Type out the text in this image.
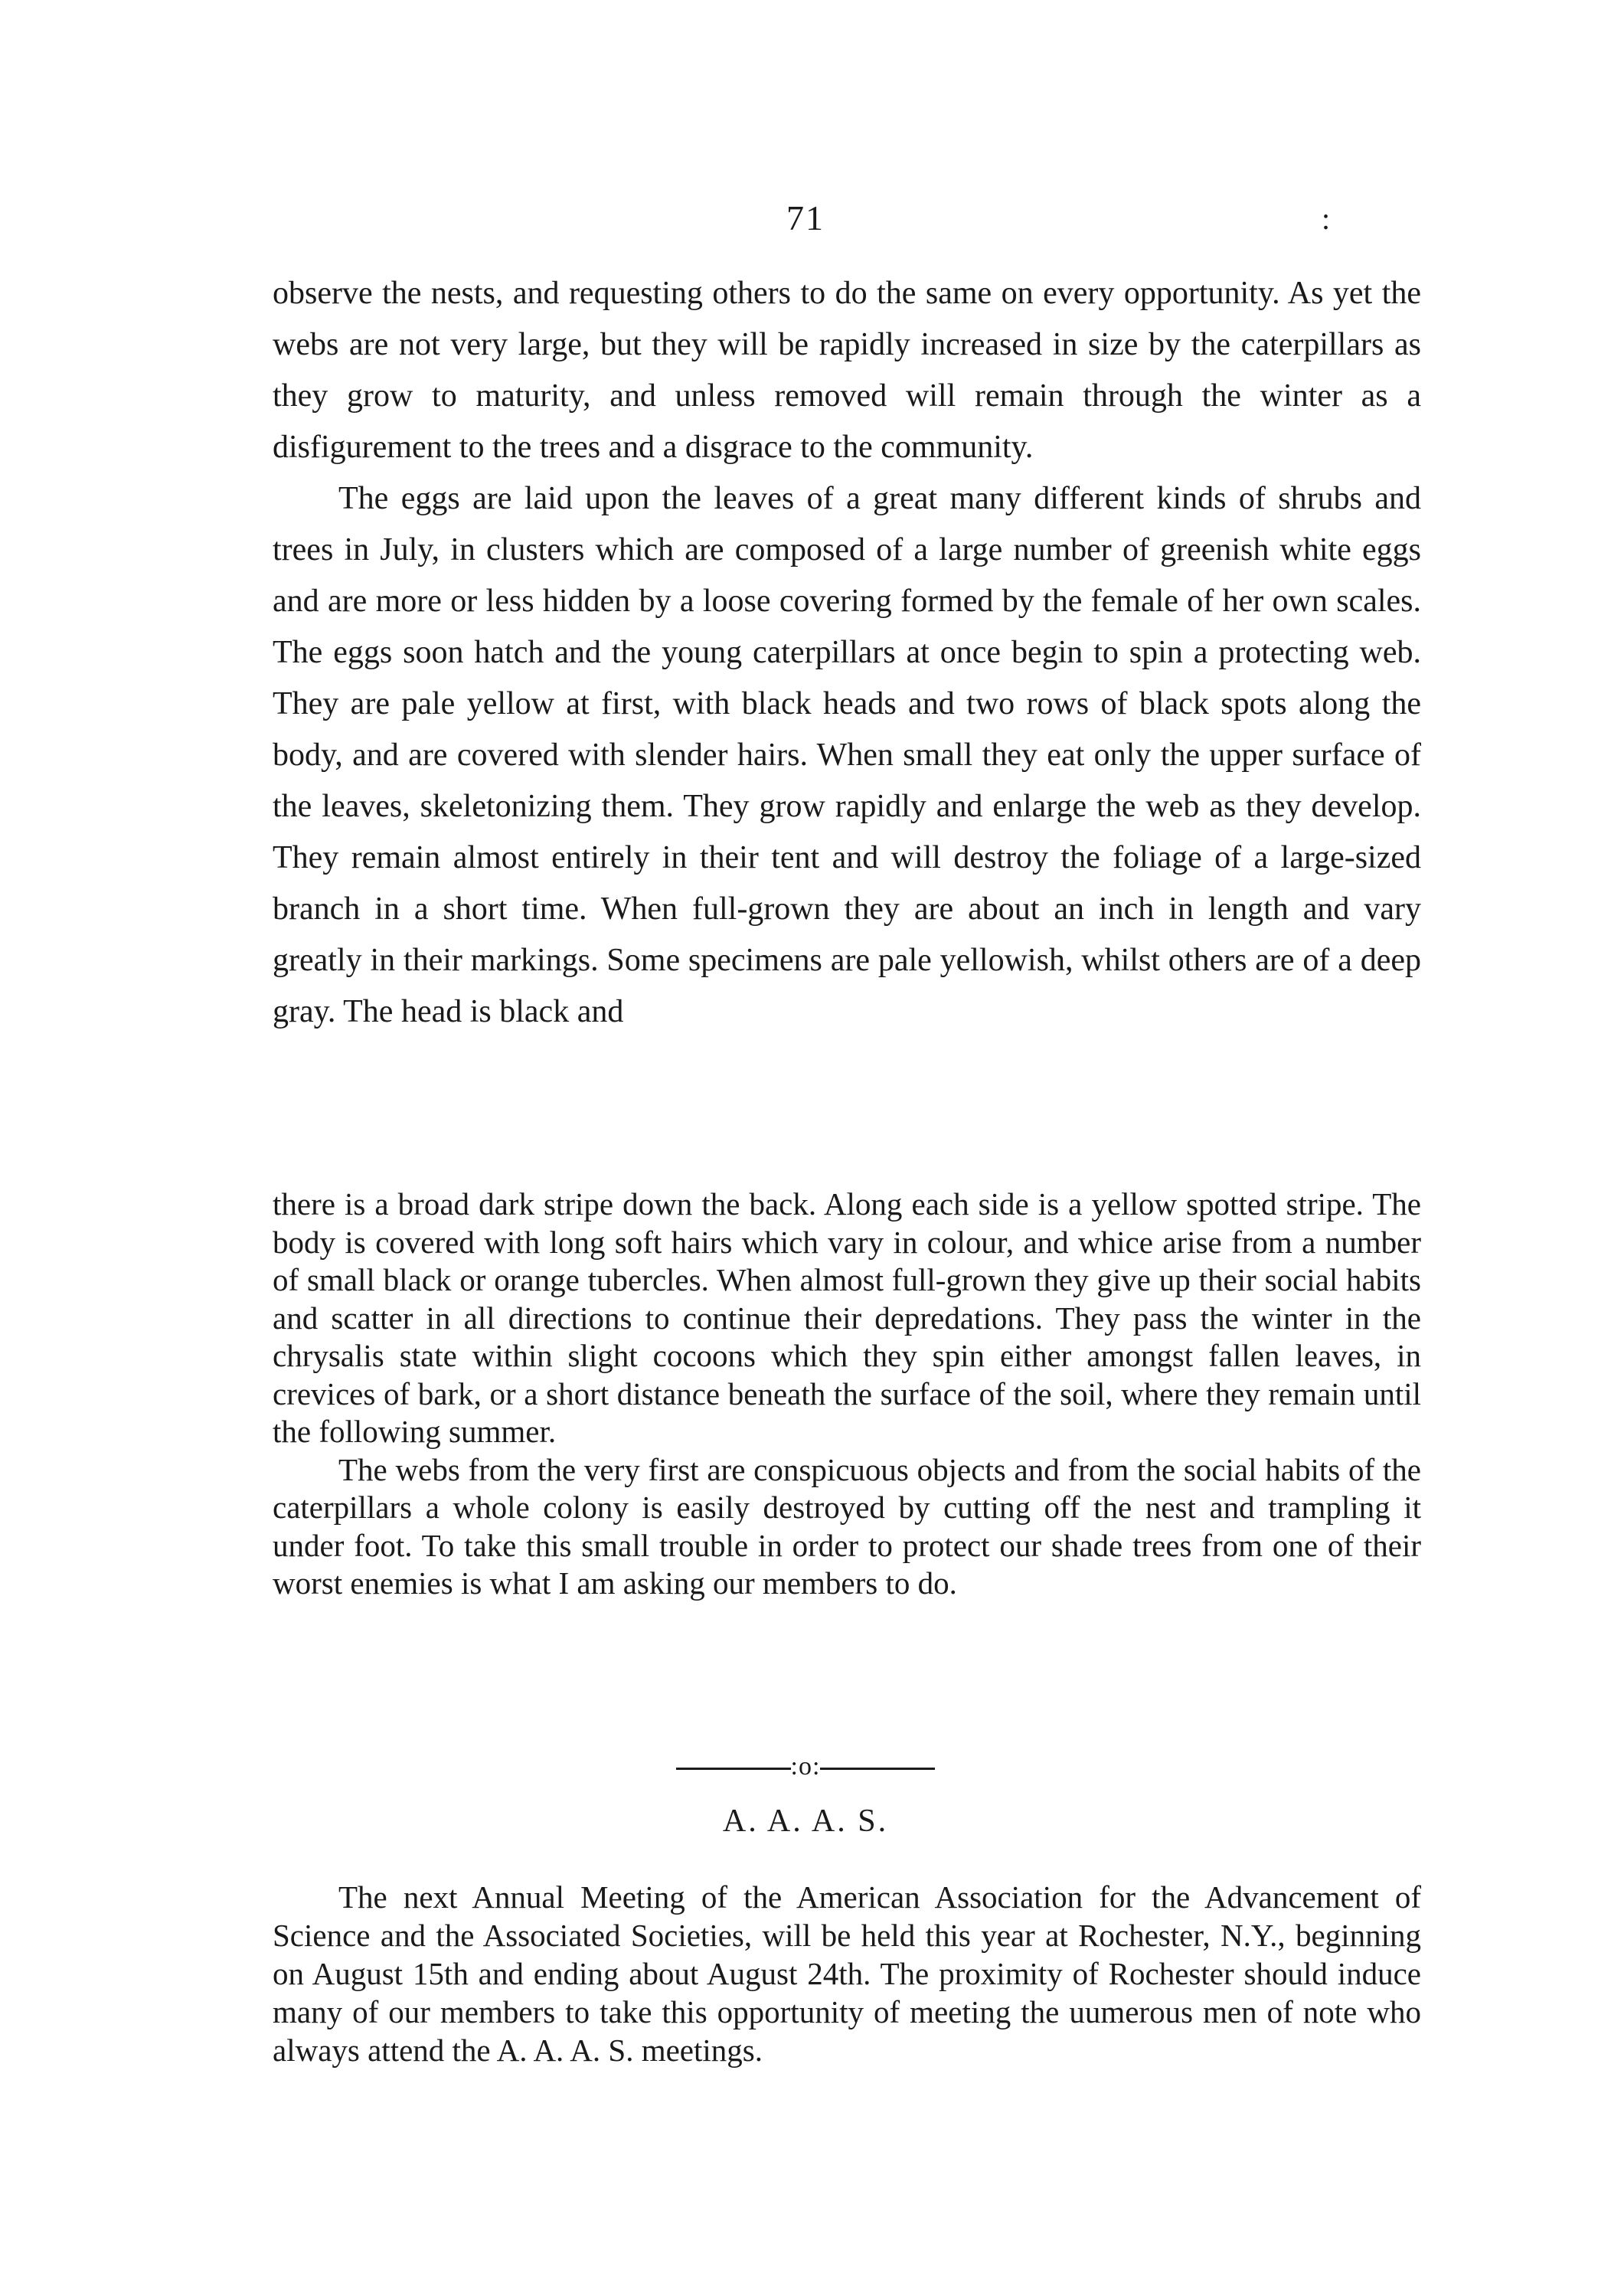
71	:

observe the nests, and requesting others to do the same on every opportunity. As yet the webs are not very large, but they will be rapidly increased in size by the caterpillars as they grow to maturity, and unless removed will remain through the winter as a disfigurement to the trees and a disgrace to the community.

The eggs are laid upon the leaves of a great many different kinds of shrubs and trees in July, in clusters which are composed of a large number of greenish white eggs and are more or less hidden by a loose covering formed by the female of her own scales. The eggs soon hatch and the young caterpillars at once begin to spin a protecting web. They are pale yellow at first, with black heads and two rows of black spots along the body, and are covered with slender hairs. When small they eat only the upper surface of the leaves, skeletonizing them. They grow rapidly and enlarge the web as they develop. They remain almost entirely in their tent and will destroy the foliage of a large-sized branch in a short time. When full-grown they are about an inch in length and vary greatly in their markings. Some specimens are pale yellowish, whilst others are of a deep gray. The head is black and

there is a broad dark stripe down the back. Along each side is a yellow spotted stripe. The body is covered with long soft hairs which vary in colour, and whice arise from a number of small black or orange tubercles. When almost full-grown they give up their social habits and scatter in all directions to continue their depredations. They pass the winter in the chrysalis state within slight cocoons which they spin either amongst fallen leaves, in crevices of bark, or a short distance beneath the surface of the soil, where they remain until the following summer.

The webs from the very first are conspicuous objects and from the social habits of the caterpillars a whole colony is easily destroyed by cutting off the nest and trampling it under foot. To take this small trouble in order to protect our shade trees from one of their worst enemies is what I am asking our members to do.

:o:
A. A. A. S.

The next Annual Meeting of the American Association for the Advancement of Science and the Associated Societies, will be held this year at Rochester, N.Y., beginning on August 15th and ending about August 24th. The proximity of Rochester should induce many of our members to take this opportunity of meeting the uumerous men of note who always attend the A. A. A. S. meetings.
